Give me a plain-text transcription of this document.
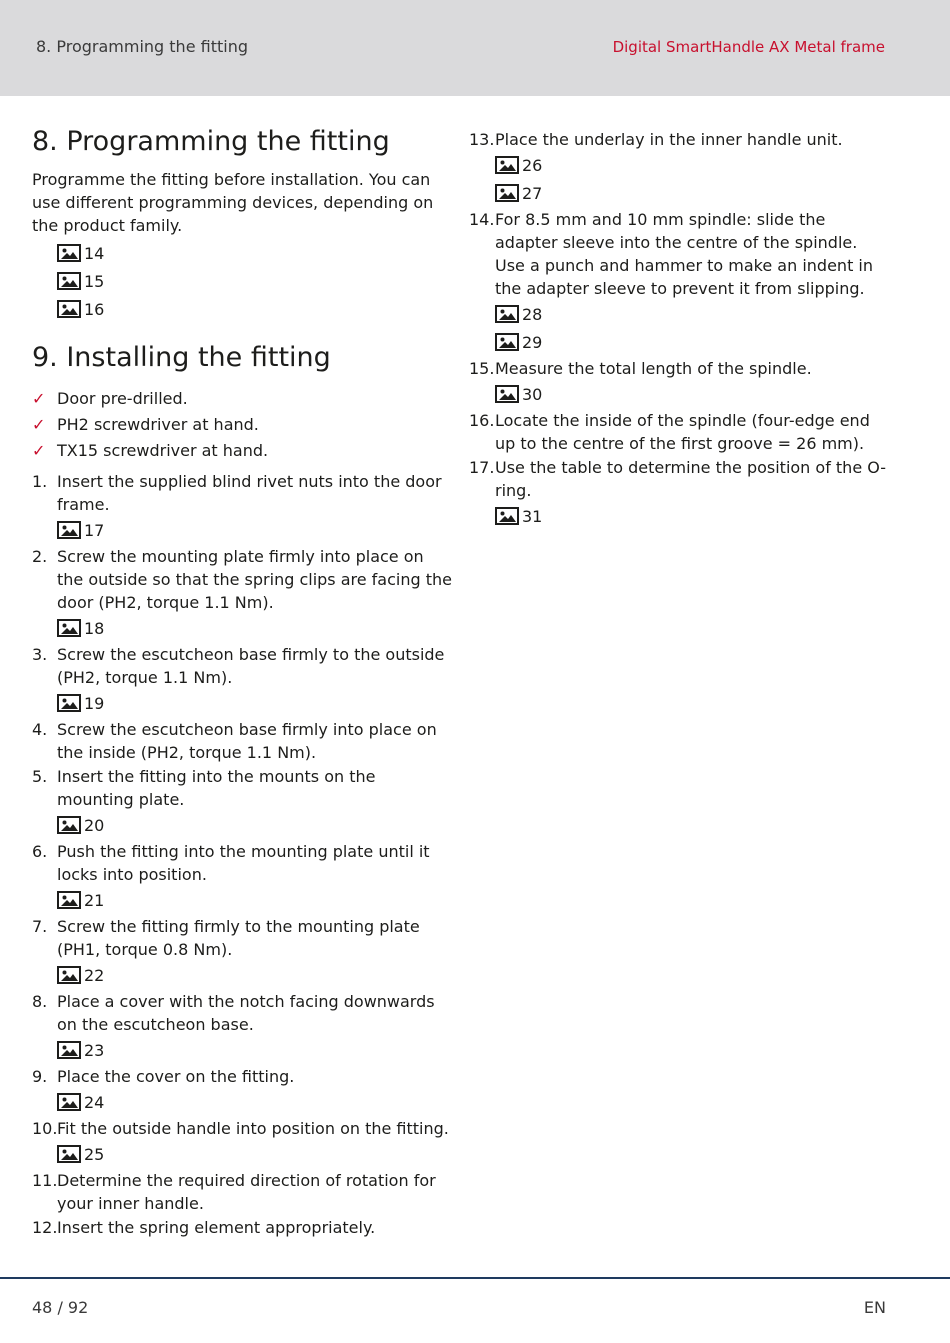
8. Programming the fitting	Digital SmartHandle AX Metal frame
8. Programming the fitting

Programme the fitting before installation. You can use different programming devices, depending on the product family.

14
15
16
9. Installing the fitting
✓ Door pre-drilled.
✓ PH2 screwdriver at hand.
✓ TX15 screwdriver at hand.
1. Insert the supplied blind rivet nuts into the door frame.
17
2. Screw the mounting plate firmly into place on the outside so that the spring clips are facing the door (PH2, torque 1.1 Nm).
18
3. Screw the escutcheon base firmly to the outside (PH2, torque 1.1 Nm).
19
4. Screw the escutcheon base firmly into place on the inside (PH2, torque 1.1 Nm).
5. Insert the fitting into the mounts on the mounting plate.
20
6. Push the fitting into the mounting plate until it locks into position.
21
7. Screw the fitting firmly to the mounting plate (PH1, torque 0.8 Nm).
22
8. Place a cover with the notch facing downwards on the escutcheon base.
23
9. Place the cover on the fitting.
24
10. Fit the outside handle into position on the fitting.
25
11. Determine the required direction of rotation for your inner handle.
12. Insert the spring element appropriately.
13. Place the underlay in the inner handle unit.
26
27
14. For 8.5 mm and 10 mm spindle: slide the adapter sleeve into the centre of the spindle. Use a punch and hammer to make an indent in the adapter sleeve to prevent it from slipping.
28
29
15. Measure the total length of the spindle.
30
16. Locate the inside of the spindle (four-edge end up to the centre of the first groove = 26 mm).
17. Use the table to determine the position of the O-ring.
31
48 / 92	EN
